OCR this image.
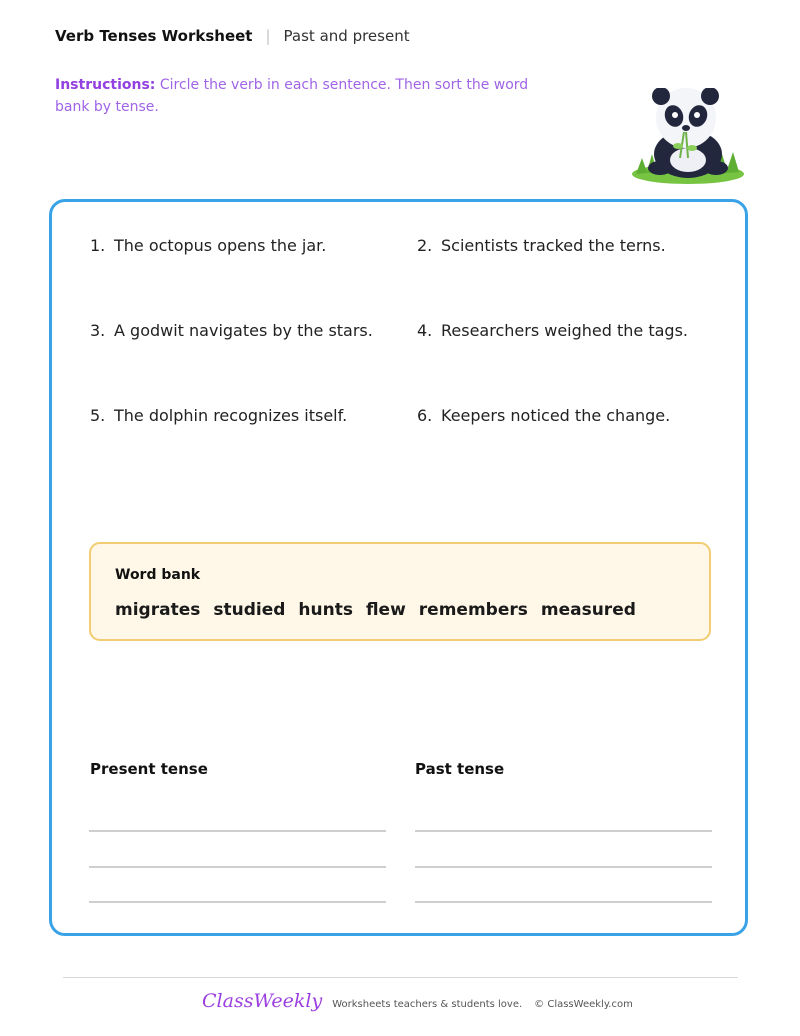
Verb Tenses Worksheet | Past and present
Instructions: Circle the verb in each sentence. Then sort the word bank by tense.
1. The octopus opens the jar.	2. Scientists tracked the terns.
3. A godwit navigates by the stars.	4. Researchers weighed the tags.
5. The dolphin recognizes itself.	6. Keepers noticed the change.
Word bank
migrates studied hunts flew remembers measured
Present tense	Past tense
ClassWeekly Worksheets teachers & students love. © ClassWeekly.com
